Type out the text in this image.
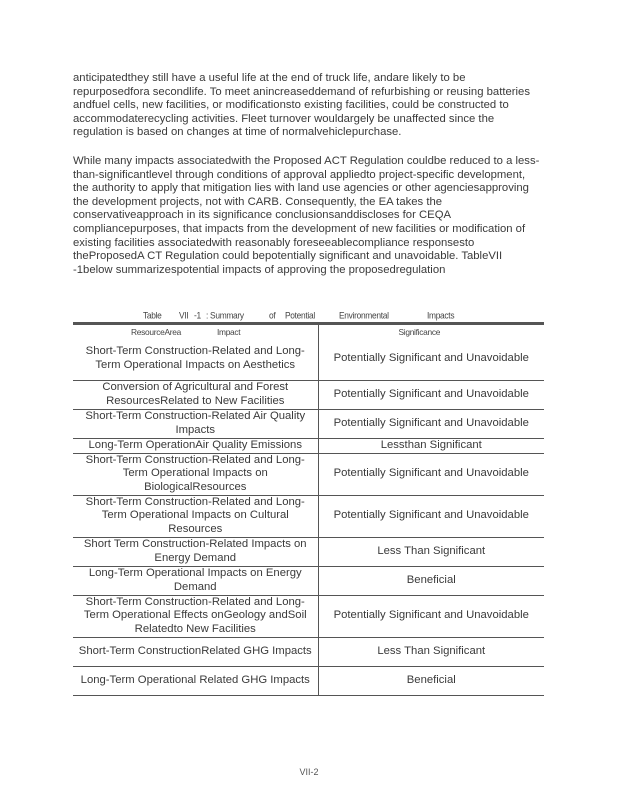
anticipatedthey still have a useful life at the end of truck life, andare likely to be repurposedfora secondlife. To meet anincreaseddemand of refurbishing or reusing batteries andfuel cells, new facilities, or modificationsto existing facilities, could be constructed to accommodaterecycling activities. Fleet turnover wouldargely be unaffected since the regulation is based on changes at time of normalvehiclepurchase.

While many impacts associatedwith the Proposed ACT Regulation couldbe reduced to a less-than-significantlevel through conditions of approval appliedto project-specific development, the authority to apply that mitigation lies with land use agencies or other agenciesapproving the development projects, not with CARB. Consequently, the EA takes the conservativeapproach in its significance conclusionsanddiscloses for CEQA compliancepurposes, that impacts from the development of new facilities or modification of existing facilities associatedwith reasonably foreseeablecompliance responsesto theProposedA CT Regulation could bepotentially significant and unavoidable. TableVII -1below summarizespotential impacts of approving the proposedregulation

Table VII -1 : Summary	of Potential	Environmental	Impacts
ResourceArea Impact	Significance

Short-Term Construction-Related and Long-Term Operational Impacts on Aesthetics	Potentially Significant and Unavoidable
Conversion of Agricultural and Forest ResourcesRelated to New Facilities	Potentially Significant and Unavoidable
Short-Term Construction-Related Air Quality Impacts	Potentially Significant and Unavoidable
Long-Term OperationAir Quality Emissions	Lessthan Significant
Short-Term Construction-Related and Long-Term Operational Impacts on BiologicalResources	Potentially Significant and Unavoidable
Short-Term Construction-Related and Long-Term Operational Impacts on Cultural Resources	Potentially Significant and Unavoidable
Short Term Construction-Related Impacts on Energy Demand	Less Than Significant
Long-Term Operational Impacts on Energy Demand	Beneficial
Short-Term Construction-Related and Long-Term Operational Effects onGeology andSoil Relatedto New Facilities	Potentially Significant and Unavoidable
Short-Term ConstructionRelated GHG Impacts	Less Than Significant
Long-Term Operational Related GHG Impacts	Beneficial
VII-2
